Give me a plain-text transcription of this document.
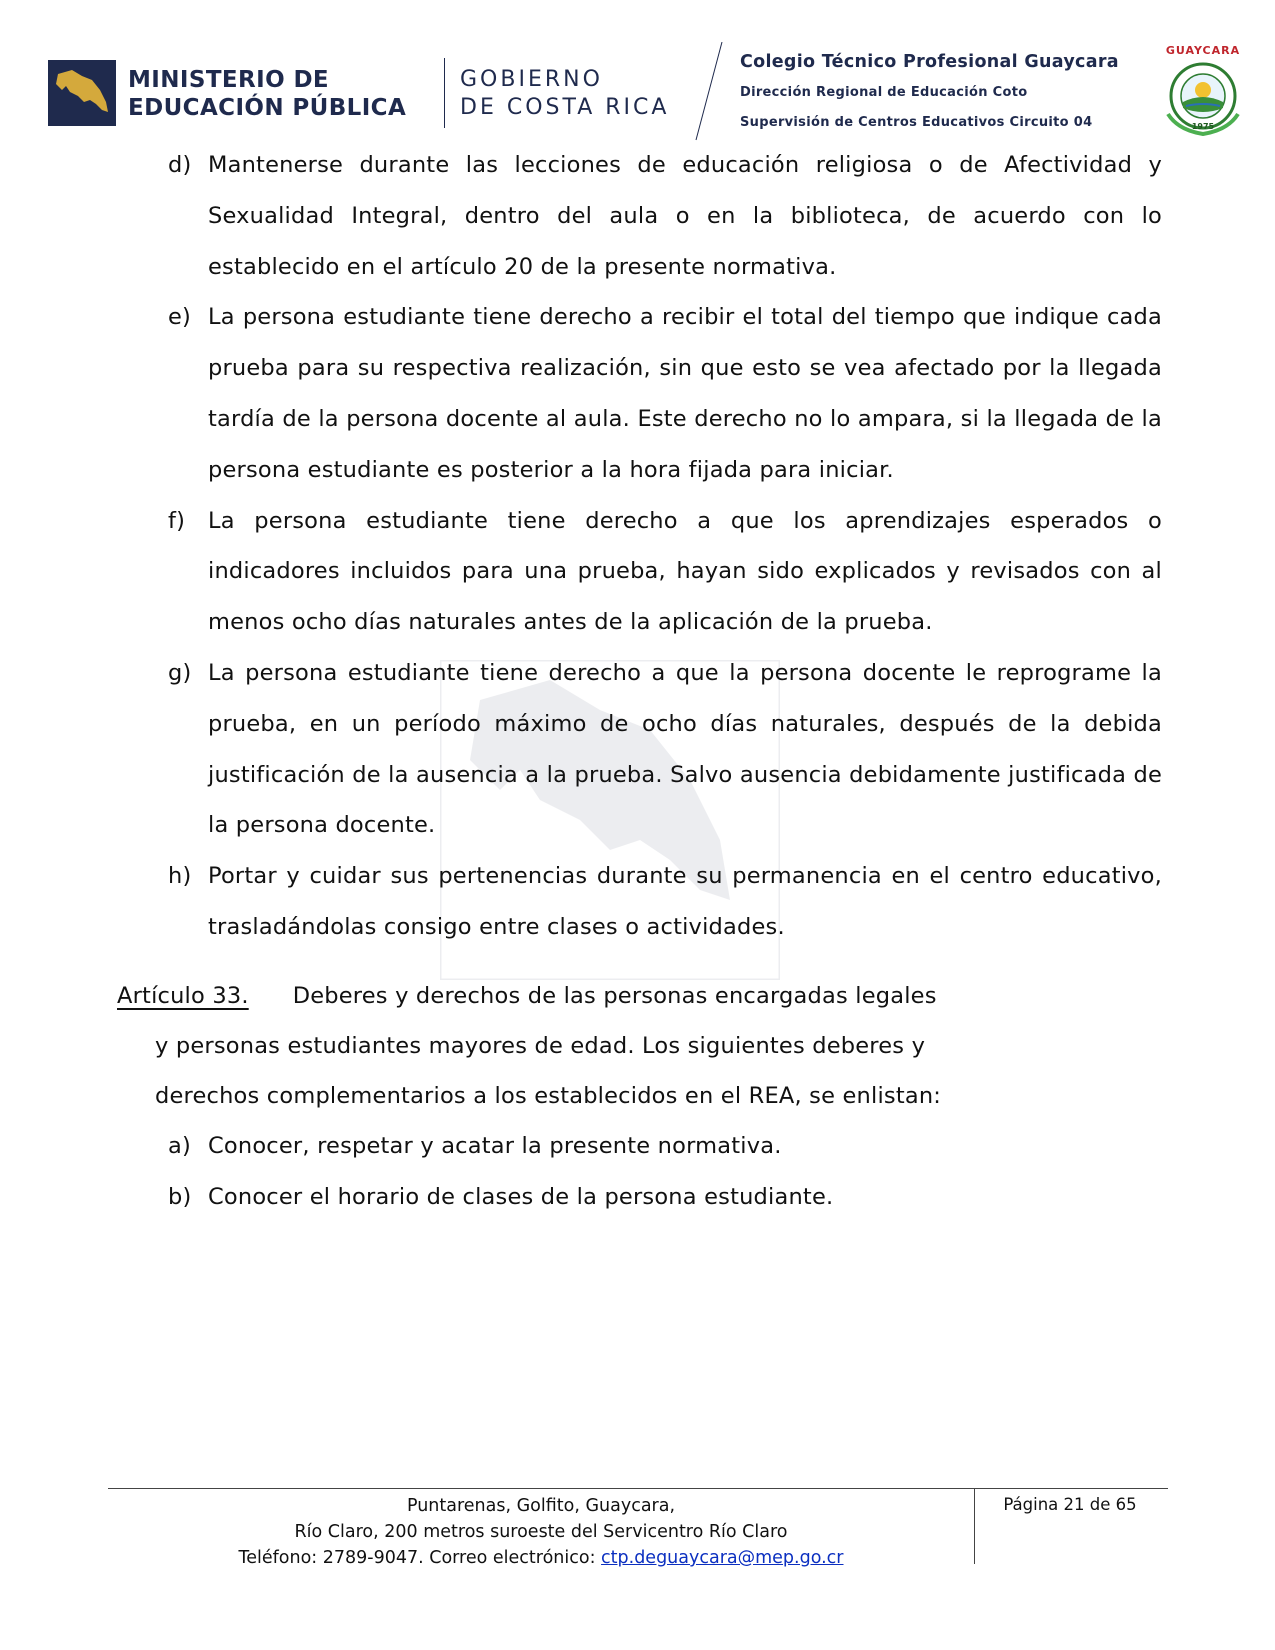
MINISTERIO DE
EDUCACIÓN PÚBLICA
GOBIERNO
DE COSTA RICA
Colegio Técnico Profesional Guaycara
Dirección Regional de Educación Coto
Supervisión de Centros Educativos Circuito 04
GUAYCARA
1975
d) Mantenerse durante las lecciones de educación religiosa o de Afectividad y Sexualidad Integral, dentro del aula o en la biblioteca, de acuerdo con lo establecido en el artículo 20 de la presente normativa.
e) La persona estudiante tiene derecho a recibir el total del tiempo que indique cada prueba para su respectiva realización, sin que esto se vea afectado por la llegada tardía de la persona docente al aula. Este derecho no lo ampara, si la llegada de la persona estudiante es posterior a la hora fijada para iniciar.
f)	La persona estudiante tiene derecho a que los aprendizajes esperados o indicadores incluidos para una prueba, hayan sido explicados y revisados con al menos ocho días naturales antes de la aplicación de la prueba.
g) La persona estudiante tiene derecho a que la persona docente le reprograme la prueba, en un período máximo de ocho días naturales, después de la debida justificación de la ausencia a la prueba. Salvo ausencia debidamente justificada de la persona docente.
h) Portar y cuidar sus pertenencias durante su permanencia en el centro educativo, trasladándolas consigo entre clases o actividades.
Artículo 33. Deberes y derechos de las personas encargadas legales
y personas estudiantes mayores de edad. Los siguientes deberes y
derechos complementarios a los establecidos en el REA, se enlistan:
a) Conocer, respetar y acatar la presente normativa.
b) Conocer el horario de clases de la persona estudiante.
Puntarenas, Golfito, Guaycara,
Río Claro, 200 metros suroeste del Servicentro Río Claro
Teléfono: 2789-9047. Correo electrónico: ctp.deguaycara@mep.go.cr
Página 21 de 65
